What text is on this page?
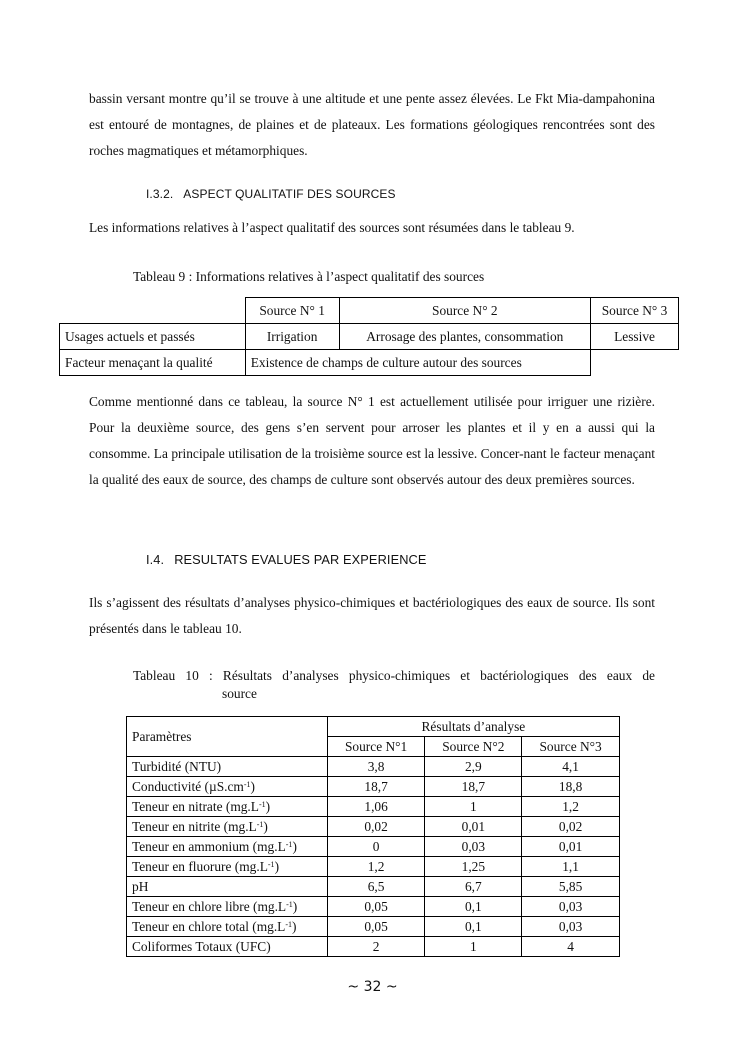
bassin versant montre qu’il se trouve à une altitude et une pente assez élevées. Le Fkt Mia-dampahonina est entouré de montagnes, de plaines et de plateaux. Les formations géologiques rencontrées sont des roches magmatiques et métamorphiques.

I.3.2. ASPECT QUALITATIF DES SOURCES

Les informations relatives à l’aspect qualitatif des sources sont résumées dans le tableau 9.

Tableau 9 : Informations relatives à l’aspect qualitatif des sources

	Source N° 1	Source N° 2	Source N° 3
Usages actuels et passés	Irrigation	Arrosage des plantes, consommation	Lessive
Facteur menaçant la qualité	Existence de champs de culture autour des sources		

Comme mentionné dans ce tableau, la source N° 1 est actuellement utilisée pour irriguer une rizière. Pour la deuxième source, des gens s’en servent pour arroser les plantes et il y en a aussi qui la consomme. La principale utilisation de la troisième source est la lessive. Concer-nant le facteur menaçant la qualité des eaux de source, des champs de culture sont observés autour des deux premières sources.

I.4. RESULTATS EVALUES PAR EXPERIENCE

Ils s’agissent des résultats d’analyses physico-chimiques et bactériologiques des eaux de source. Ils sont présentés dans le tableau 10.

Tableau 10 : Résultats d’analyses physico-chimiques et bactériologiques des eaux de

source

Paramètres	Résultats d’analyse		
	Source N°1	Source N°2	Source N°3
Turbidité (NTU)	3,8	2,9	4,1
Conductivité $(\mu S.cm^{-1})$	18,7	18,7	18,8
Teneur en nitrate $(mg.L^{-1})$	1,06	1	1,2
Teneur en nitrite $(mg.L^{-1})$	0,02	0,01	0,02
Teneur en ammonium $(mg.L^{-1})$	0	0,03	0,01
Teneur en fluorure $(mg.L^{-1})$	1,2	1,25	1,1
pH	6,5	6,7	5,85
Teneur en chlore libre $(mg.L^{-1})$	0,05	0,1	0,03
Teneur en chlore total $(mg.L^{-1})$	0,05	0,1	0,03
Coliformes Totaux (UFC)	2	1	4
~ 32 ~
